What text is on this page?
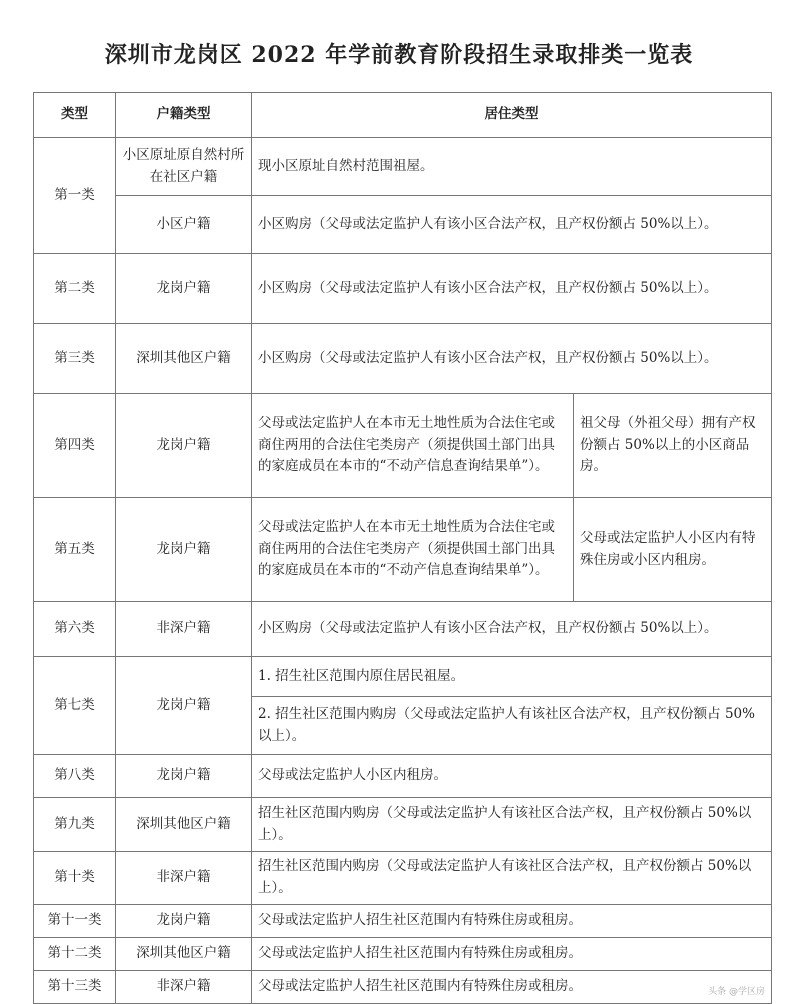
深圳市龙岗区 2022 年学前教育阶段招生录取排类一览表
类型	户籍类型	居住类型	
第一类	小区原址原自然村所在社区户籍	现小区原址自然村范围祖屋。	
	小区户籍	小区购房（父母或法定监护人有该小区合法产权，且产权份额占 50%以上）。	
第二类	龙岗户籍	小区购房（父母或法定监护人有该小区合法产权，且产权份额占 50%以上）。	
第三类	深圳其他区户籍	小区购房（父母或法定监护人有该小区合法产权，且产权份额占 50%以上）。	
第四类	龙岗户籍	父母或法定监护人在本市无土地性质为合法住宅或商住两用的合法住宅类房产（须提供国土部门出具的家庭成员在本市的“不动产信息查询结果单”）。	祖父母（外祖父母）拥有产权份额占 50%以上的小区商品房。
第五类	龙岗户籍	父母或法定监护人在本市无土地性质为合法住宅或商住两用的合法住宅类房产（须提供国土部门出具的家庭成员在本市的“不动产信息查询结果单”）。	父母或法定监护人小区内有特殊住房或小区内租房。
第六类	非深户籍	小区购房（父母或法定监护人有该小区合法产权，且产权份额占 50%以上）。	
第七类	龙岗户籍	1. 招生社区范围内原住居民祖屋。	
		2. 招生社区范围内购房（父母或法定监护人有该社区合法产权，且产权份额占 50%以上）。	
第八类	龙岗户籍	父母或法定监护人小区内租房。	
第九类	深圳其他区户籍	招生社区范围内购房（父母或法定监护人有该社区合法产权，且产权份额占 50%以上）。	
第十类	非深户籍	招生社区范围内购房（父母或法定监护人有该社区合法产权，且产权份额占 50%以上）。	
第十一类	龙岗户籍	父母或法定监护人招生社区范围内有特殊住房或租房。	
第十二类	深圳其他区户籍	父母或法定监护人招生社区范围内有特殊住房或租房。	
第十三类	非深户籍	父母或法定监护人招生社区范围内有特殊住房或租房。		头条 @学区房
